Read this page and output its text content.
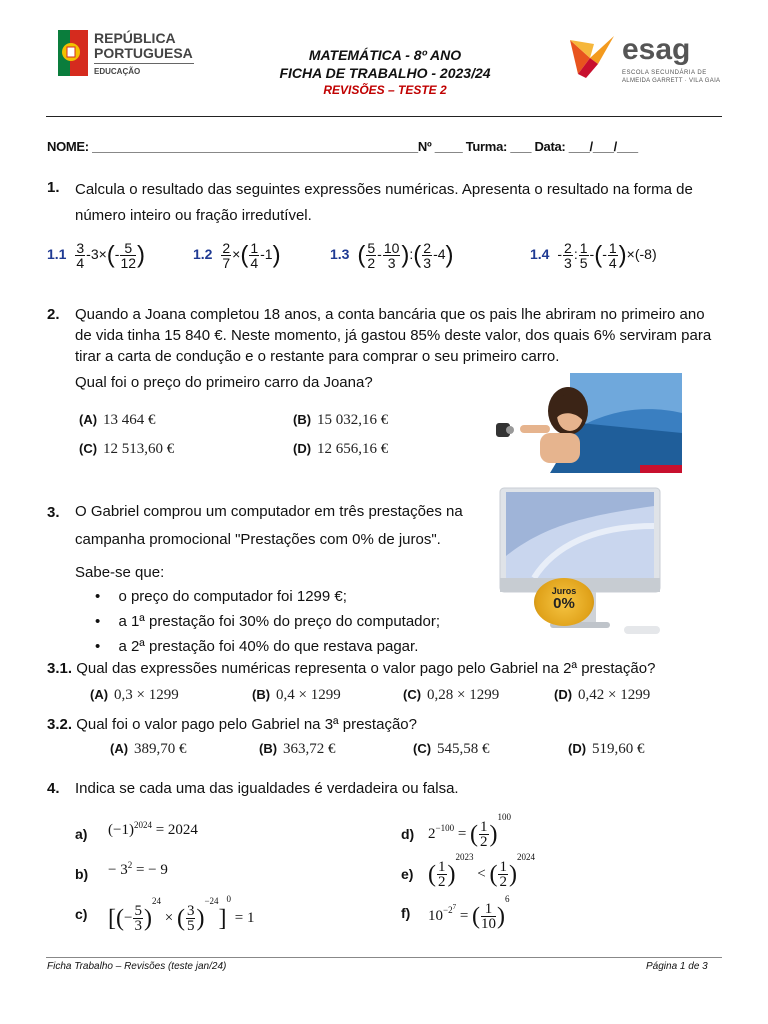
REPÚBLICA
PORTUGUESA
EDUCAÇÃO
MATEMÁTICA - 8º ANO
FICHA DE TRABALHO - 2023/24
REVISÕES – TESTE 2
esag
ESCOLA SECUNDÁRIA DE
ALMEIDA GARRETT · VILA GAIA
NOME: _______________________________________________Nº ____ Turma: ___ Data: ___/___/___
1. Calcula o resultado das seguintes expressões numéricas. Apresenta o resultado na forma de número inteiro ou fração irredutível.
$1.1 \frac{3}{4} -3\times(- \frac{5}{12}$ )	$1.2 \frac{2}{7}$ ×( $\frac{1}{4} -1$)	1.3 ( $\frac{5}{2} - \frac{10}{3}$ ):( $\frac{2}{3} -4$)	$1.4 - \frac{2}{3}$ : $\frac{1}{5}$ -(- $\frac{1}{4} )\times(-8)$
2. Quando a Joana completou 18 anos, a conta bancária que os pais lhe abriram no primeiro ano de vida tinha 15 840 €. Neste momento, já gastou 85% deste valor, dos quais 6% serviram para tirar a carta de condução e o restante para comprar o seu primeiro carro.
Qual foi o preço do primeiro carro da Joana?
(A) 13 464 €	(B) 15 032,16 €
(C) 12 513,60 €	(D) 12 656,16 €
3. O Gabriel comprou um computador em três prestações na campanha promocional "Prestações com 0% de juros".
Sabe-se que:
• o preço do computador foi 1299 €;
• a 1ª prestação foi 30% do preço do computador;
• a 2ª prestação foi 40% do que restava pagar.
Juros
0%
3.1. Qual das expressões numéricas representa o valor pago pelo Gabriel na 2ª prestação?
(A) 0,3 × 1299	(B) 0,4 × 1299	(C) 0,28 × 1299	(D) 0,42 × 1299
3.2. Qual foi o valor pago pelo Gabriel na 3ª prestação?
(A) 389,70 €	(B) 363,72 €	(C) 545,58 €	(D) 519,60 €
4. Indica se cada uma das igualdades é verdadeira ou falsa.
a) $(-1)^{2024} = 2024$
$b) - 3^2$ = − 9
c) [(− $\frac{5}{3} )^{24}$ × ( $\frac{3}{5} )^{-24}]^0 = 1$
d) $2^{-100}$ = ( $\frac{1}{2} )^{100}$
e) ( $\frac{1}{2} )^{2023}$ < ( $\frac{1}{2} )^{2024}$
f) $10^{-2^7}$ = ( $\frac{1}{10} )^6$
Ficha Trabalho – Revisões (teste jan/24)	Página 1 de 3
